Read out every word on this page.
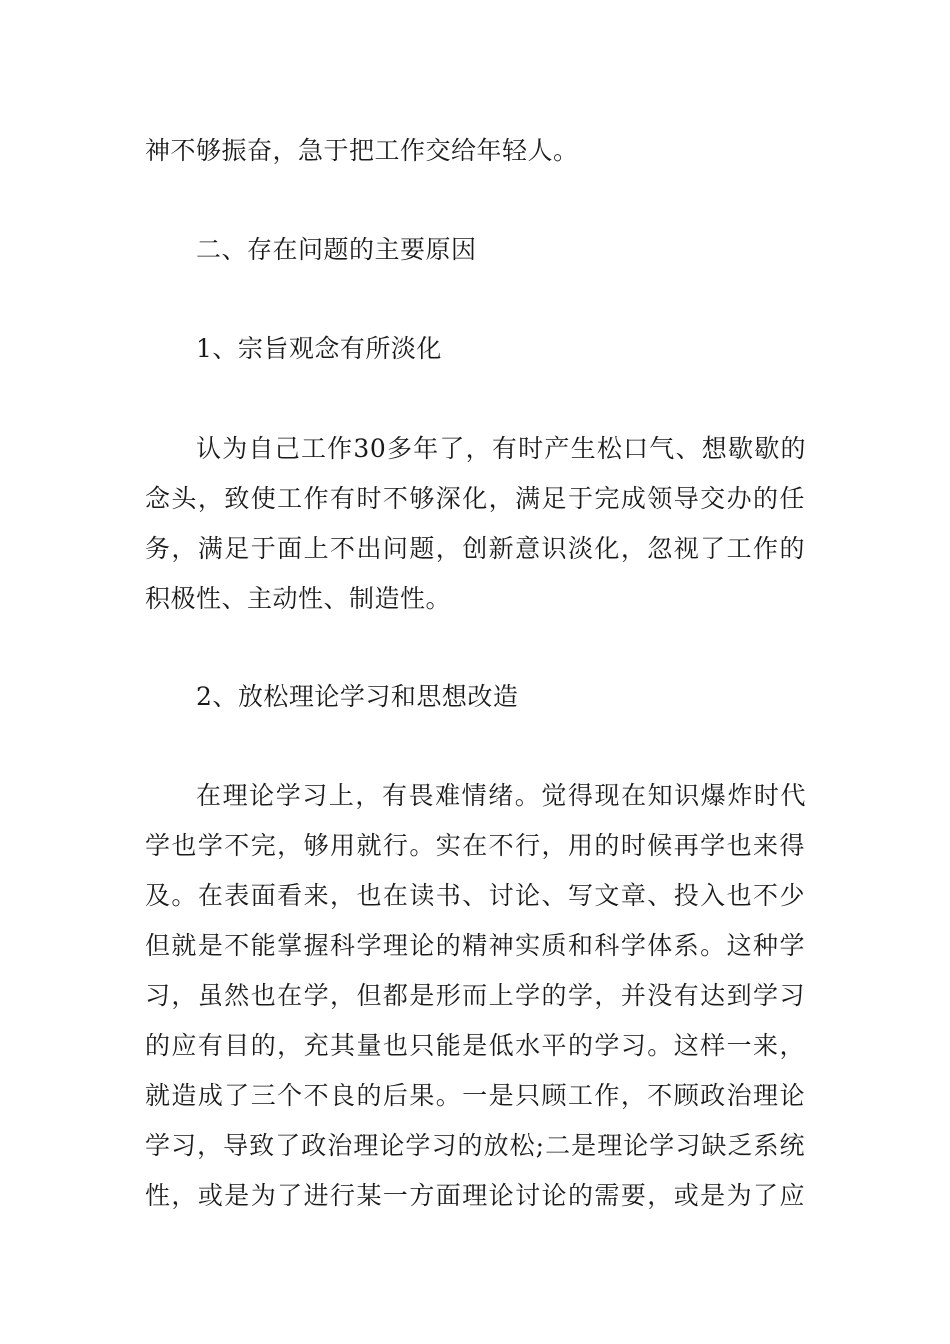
神不够振奋，急于把工作交给年轻人。
二、存在问题的主要原因
1、宗旨观念有所淡化
认为自己工作30多年了，有时产生松口气、想歇歇的
念头，致使工作有时不够深化，满足于完成领导交办的任
务，满足于面上不出问题，创新意识淡化，忽视了工作的
积极性、主动性、制造性。
2、放松理论学习和思想改造
在理论学习上，有畏难情绪。觉得现在知识爆炸时代
学也学不完，够用就行。实在不行，用的时候再学也来得
及。在表面看来，也在读书、讨论、写文章、投入也不少
但就是不能掌握科学理论的精神实质和科学体系。这种学
习，虽然也在学，但都是形而上学的学，并没有达到学习
的应有目的，充其量也只能是低水平的学习。这样一来，
就造成了三个不良的后果。一是只顾工作，不顾政治理论
学习，导致了政治理论学习的放松;二是理论学习缺乏系统
性，或是为了进行某一方面理论讨论的需要，或是为了应
